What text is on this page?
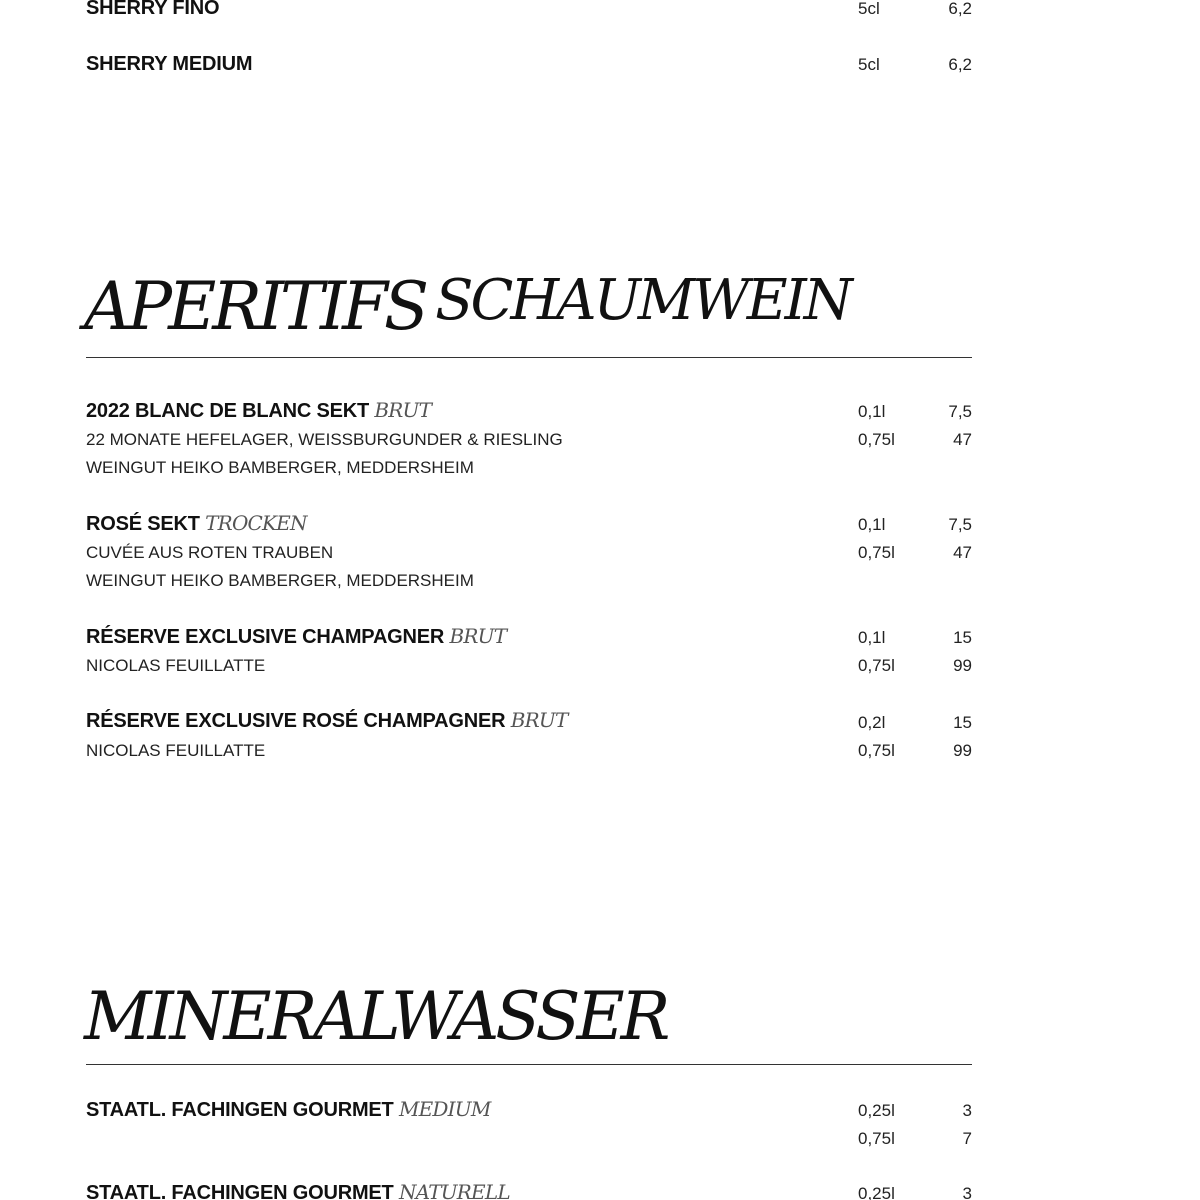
SHERRY FINO	5cl	6,2
SHERRY MEDIUM	5cl	6,2
APERITIFS SCHAUMWEIN
2022 BLANC DE BLANC SEKT BRUT
22 MONATE HEFELAGER, WEISSBURGUNDER & RIESLING
WEINGUT HEIKO BAMBERGER, MEDDERSHEIM
0,1l	7,5
0,75l	47
ROSÉ SEKT TROCKEN
CUVÉE AUS ROTEN TRAUBEN
WEINGUT HEIKO BAMBERGER, MEDDERSHEIM
0,1l	7,5
0,75l	47
RÉSERVE EXCLUSIVE CHAMPAGNER BRUT
NICOLAS FEUILLATTE
0,1l	15
0,75l	99
RÉSERVE EXCLUSIVE ROSÉ CHAMPAGNER BRUT
NICOLAS FEUILLATTE
0,2l	15
0,75l	99
MINERALWASSER
STAATL. FACHINGEN GOURMET MEDIUM	0,25l	3
0,75l	7
STAATL. FACHINGEN GOURMET NATURELL	0,25l	3
